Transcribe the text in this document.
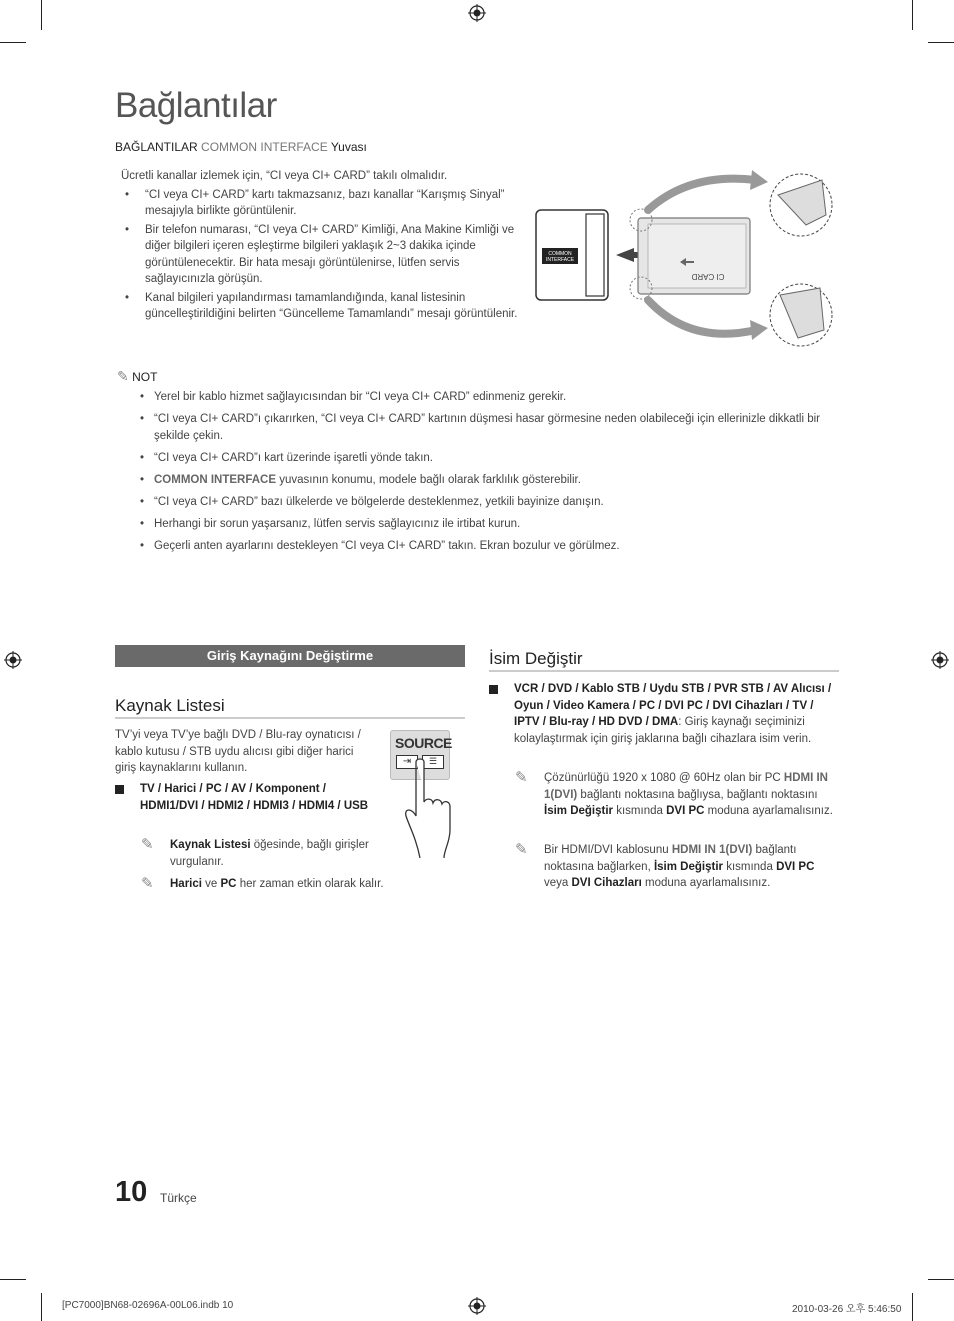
Bağlantılar
BAĞLANTILAR COMMON INTERFACE Yuvası
Ücretli kanallar izlemek için, “CI veya CI+ CARD” takılı olmalıdır.
• “CI veya CI+ CARD” kartı takmazsanız, bazı kanallar “Karışmış Sinyal” mesajıyla birlikte görüntülenir.
• Bir telefon numarası, “CI veya CI+ CARD” Kimliği, Ana Makine Kimliği ve diğer bilgileri içeren eşleştirme bilgileri yaklaşık 2~3 dakika içinde görüntülenecektir. Bir hata mesajı görüntülenirse, lütfen servis sağlayıcınızla görüşün.
• Kanal bilgileri yapılandırması tamamlandığında, kanal listesinin güncelleştirildiğini belirten “Güncelleme Tamamlandı” mesajı görüntülenir.
COMMON
INTERFACE
CI CARD
✎ NOT
• Yerel bir kablo hizmet sağlayıcısından bir “CI veya CI+ CARD” edinmeniz gerekir.
• “CI veya CI+ CARD”ı çıkarırken, “CI veya CI+ CARD” kartının düşmesi hasar görmesine neden olabileceği için ellerinizle dikkatli bir şekilde çekin.
• “CI veya CI+ CARD”ı kart üzerinde işaretli yönde takın.
• COMMON INTERFACE yuvasının konumu, modele bağlı olarak farklılık gösterebilir.
• “CI veya CI+ CARD” bazı ülkelerde ve bölgelerde desteklenmez, yetkili bayinize danışın.
• Herhangi bir sorun yaşarsanız, lütfen servis sağlayıcınız ile irtibat kurun.
• Geçerli anten ayarlarını destekleyen “CI veya CI+ CARD” takın. Ekran bozulur ve görülmez.
Giriş Kaynağını Değiştirme
Kaynak Listesi
TV’yi veya TV’ye bağlı DVD / Blu-ray oynatıcısı / kablo kutusu / STB uydu alıcısı gibi diğer harici giriş kaynaklarını kullanın.
SOURCE
⇥	☰
TV / Harici / PC / AV / Komponent / HDMI1/DVI / HDMI2 / HDMI3 / HDMI4 / USB
✎ Kaynak Listesi öğesinde, bağlı girişler vurgulanır.
✎ Harici ve PC her zaman etkin olarak kalır.
İsim Değiştir
VCR / DVD / Kablo STB / Uydu STB / PVR STB / AV Alıcısı / Oyun / Video Kamera / PC / DVI PC / DVI Cihazları / TV / IPTV / Blu-ray / HD DVD / DMA: Giriş kaynağı seçiminizi kolaylaştırmak için giriş jaklarına bağlı cihazlara isim verin.
✎ Çözünürlüğü 1920 x 1080 @ 60Hz olan bir PC HDMI IN 1(DVI) bağlantı noktasına bağlıysa, bağlantı noktasını İsim Değiştir kısmında DVI PC moduna ayarlamalısınız.
✎ Bir HDMI/DVI kablosunu HDMI IN 1(DVI) bağlantı noktasına bağlarken, İsim Değiştir kısmında DVI PC veya DVI Cihazları moduna ayarlamalısınız.
10 Türkçe
[PC7000]BN68-02696A-00L06.indb 10	2010-03-26 오후 5:46:50
